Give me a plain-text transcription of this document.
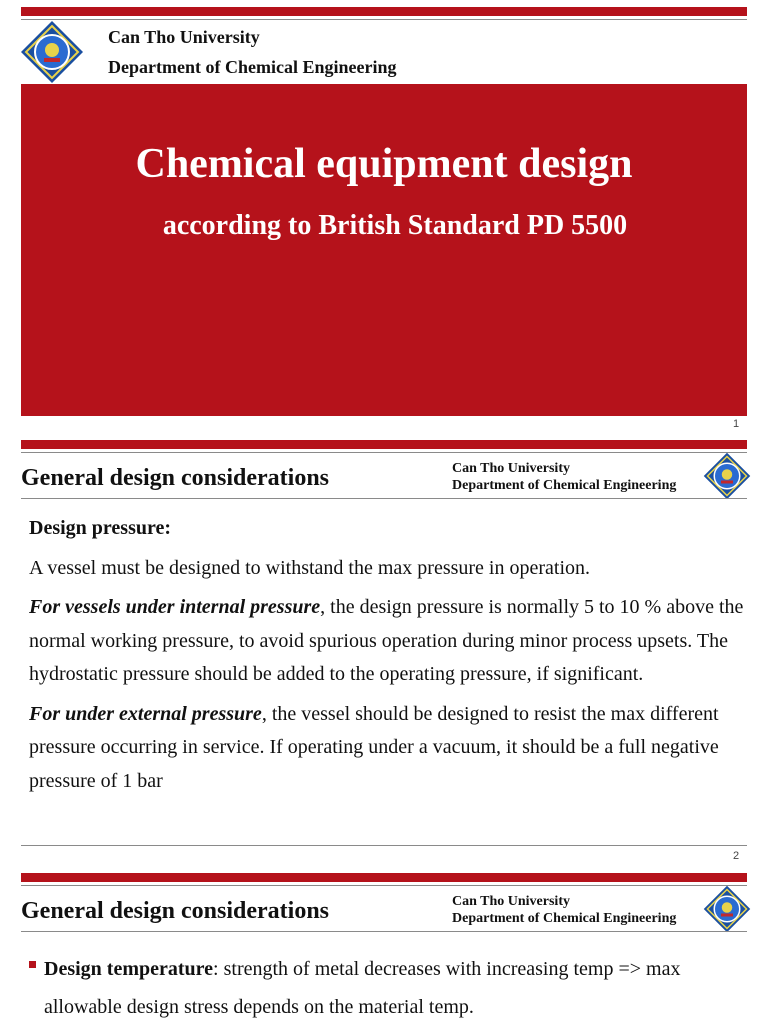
Can Tho University
Department of Chemical Engineering
Chemical equipment design
according to British Standard PD 5500
1
General design considerations	Can Tho University
Department of Chemical Engineering

Design pressure:

A vessel must be designed to withstand the max pressure in operation.

For vessels under internal pressure, the design pressure is normally 5 to 10 % above the normal working pressure, to avoid spurious operation during minor process upsets. The hydrostatic pressure should be added to the operating pressure, if significant.

For under external pressure, the vessel should be designed to resist the max different pressure occurring in service. If operating under a vacuum, it should be a full negative pressure of 1 bar

2
General design considerations	Can Tho University
Department of Chemical Engineering
Design temperature: strength of metal decreases with increasing temp => max allowable design stress depends on the material temp.
